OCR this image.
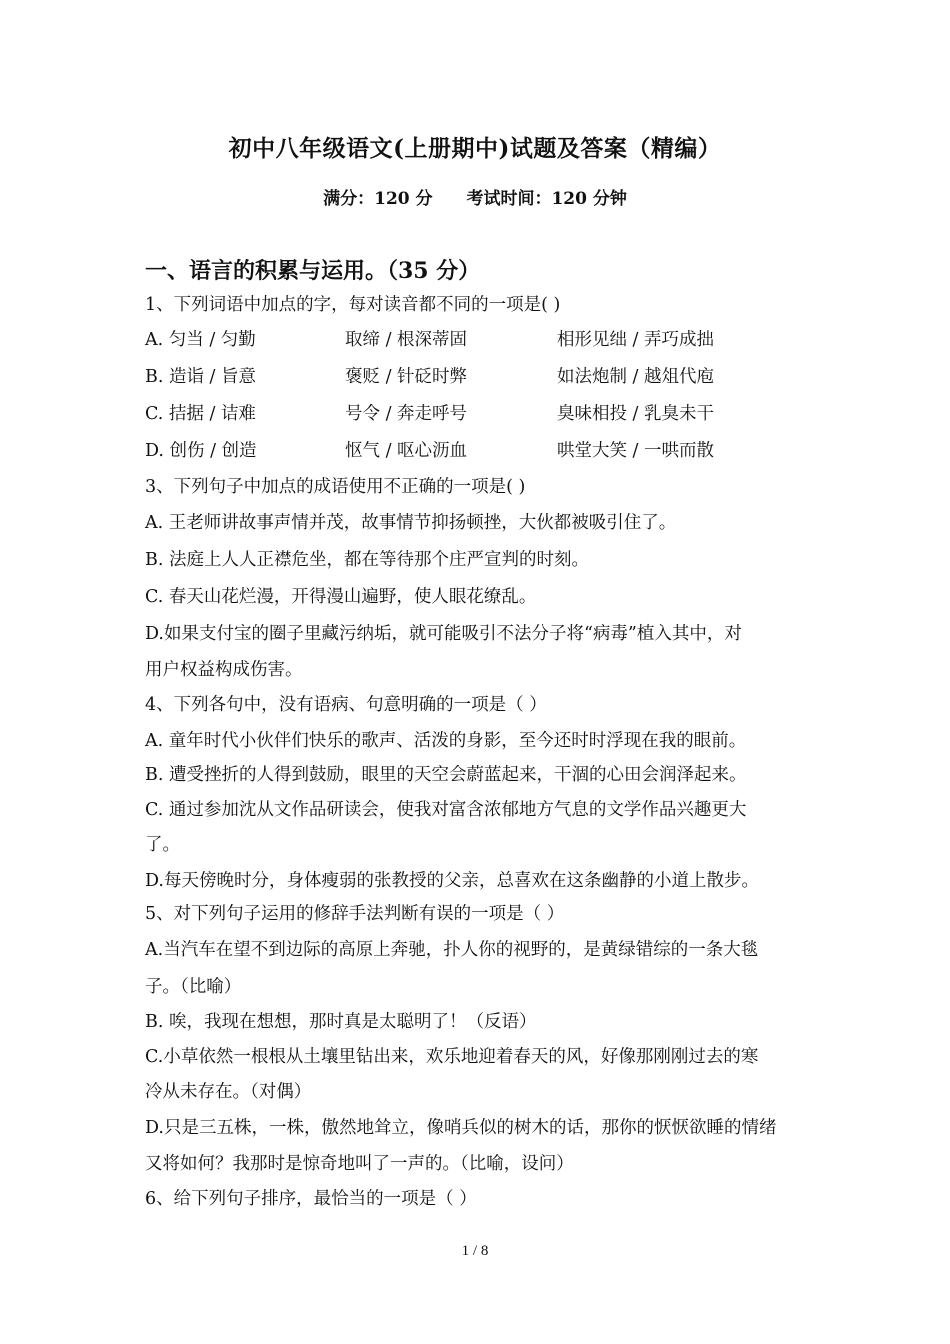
初中八年级语文(上册期中)试题及答案（精编）
满分：120 分 考试时间：120 分钟
一、语言的积累与运用。（35 分）
1、下列词语中加点的字，每对读音都不同的一项是( )
A. 匀当 / 匀勤	取缔 / 根深蒂固	相形见绌 / 弄巧成拙
B. 造诣 / 旨意	褒贬 / 针砭时弊	如法炮制 / 越俎代庖
C. 拮据 / 诘难	号令 / 奔走呼号	臭味相投 / 乳臭未干
D. 创伤 / 创造	怄气 / 呕心沥血	哄堂大笑 / 一哄而散
3、下列句子中加点的成语使用不正确的一项是( )
A. 王老师讲故事声情并茂，故事情节抑扬顿挫，大伙都被吸引住了。
B. 法庭上人人正襟危坐，都在等待那个庄严宣判的时刻。
C. 春天山花烂漫，开得漫山遍野，使人眼花缭乱。
D.如果支付宝的圈子里藏污纳垢，就可能吸引不法分子将“病毒”植入其中，对
用户权益构成伤害。
4、下列各句中，没有语病、句意明确的一项是（ ）
A. 童年时代小伙伴们快乐的歌声、活泼的身影，至今还时时浮现在我的眼前。
B. 遭受挫折的人得到鼓励，眼里的天空会蔚蓝起来，干涸的心田会润泽起来。
C. 通过参加沈从文作品研读会，使我对富含浓郁地方气息的文学作品兴趣更大
了。
D.每天傍晚时分，身体瘦弱的张教授的父亲，总喜欢在这条幽静的小道上散步。
5、对下列句子运用的修辞手法判断有误的一项是（ ）
A.当汽车在望不到边际的高原上奔驰，扑人你的视野的，是黄绿错综的一条大毯
子。（比喻）
B. 唉，我现在想想，那时真是太聪明了！（反语）
C.小草依然一根根从土壤里钻出来，欢乐地迎着春天的风，好像那刚刚过去的寒
冷从未存在。（对偶）
D.只是三五株，一株，傲然地耸立，像哨兵似的树木的话，那你的恹恹欲睡的情绪
又将如何？我那时是惊奇地叫了一声的。（比喻，设问）
6、给下列句子排序，最恰当的一项是（ ）
1 / 8
